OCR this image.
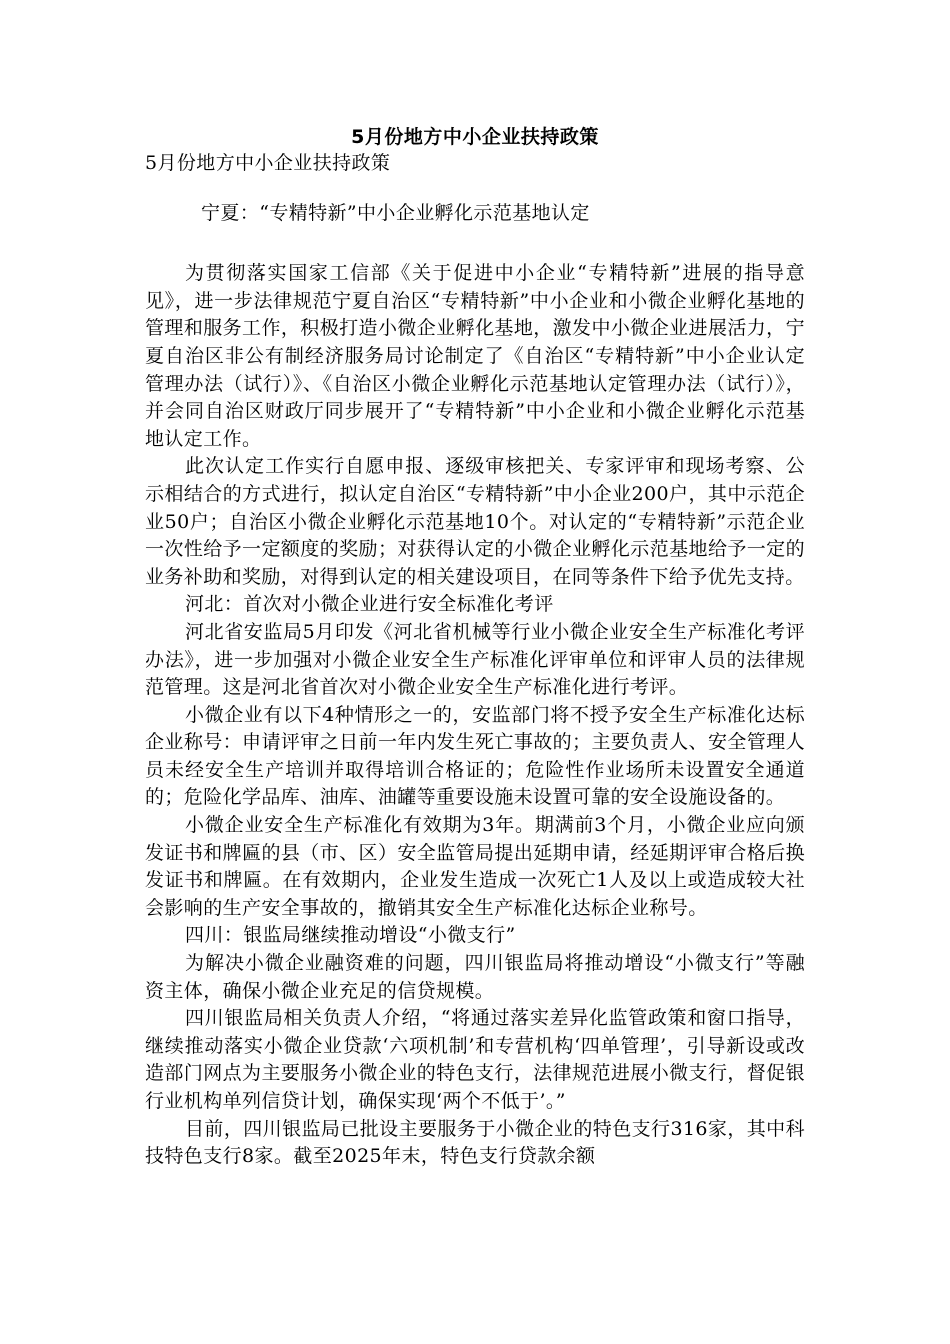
5月份地方中小企业扶持政策

5月份地方中小企业扶持政策

宁夏：“专精特新”中小企业孵化示范基地认定

为贯彻落实国家工信部《关于促进中小企业“专精特新”进展的指导意见》，进一步法律规范宁夏自治区“专精特新”中小企业和小微企业孵化基地的管理和服务工作，积极打造小微企业孵化基地，激发中小微企业进展活力，宁夏自治区非公有制经济服务局讨论制定了《自治区“专精特新”中小企业认定管理办法（试行）》、《自治区小微企业孵化示范基地认定管理办法（试行）》，并会同自治区财政厅同步展开了“专精特新”中小企业和小微企业孵化示范基地认定工作。

此次认定工作实行自愿申报、逐级审核把关、专家评审和现场考察、公示相结合的方式进行，拟认定自治区“专精特新”中小企业200户，其中示范企业50户；自治区小微企业孵化示范基地10个。对认定的“专精特新”示范企业一次性给予一定额度的奖励；对获得认定的小微企业孵化示范基地给予一定的业务补助和奖励，对得到认定的相关建设项目，在同等条件下给予优先支持。

河北：首次对小微企业进行安全标准化考评

河北省安监局5月印发《河北省机械等行业小微企业安全生产标准化考评办法》，进一步加强对小微企业安全生产标准化评审单位和评审人员的法律规范管理。这是河北省首次对小微企业安全生产标准化进行考评。

小微企业有以下4种情形之一的，安监部门将不授予安全生产标准化达标企业称号：申请评审之日前一年内发生死亡事故的；主要负责人、安全管理人员未经安全生产培训并取得培训合格证的；危险性作业场所未设置安全通道的；危险化学品库、油库、油罐等重要设施未设置可靠的安全设施设备的。

小微企业安全生产标准化有效期为3年。期满前3个月，小微企业应向颁发证书和牌匾的县（市、区）安全监管局提出延期申请，经延期评审合格后换发证书和牌匾。在有效期内，企业发生造成一次死亡1人及以上或造成较大社会影响的生产安全事故的，撤销其安全生产标准化达标企业称号。

四川：银监局继续推动增设“小微支行”

为解决小微企业融资难的问题，四川银监局将推动增设“小微支行”等融资主体，确保小微企业充足的信贷规模。

四川银监局相关负责人介绍，“将通过落实差异化监管政策和窗口指导，继续推动落实小微企业贷款‘六项机制’和专营机构‘四单管理’，引导新设或改造部门网点为主要服务小微企业的特色支行，法律规范进展小微支行，督促银行业机构单列信贷计划，确保实现‘两个不低于’。”

目前，四川银监局已批设主要服务于小微企业的特色支行316家，其中科技特色支行8家。截至2025年末，特色支行贷款余额
